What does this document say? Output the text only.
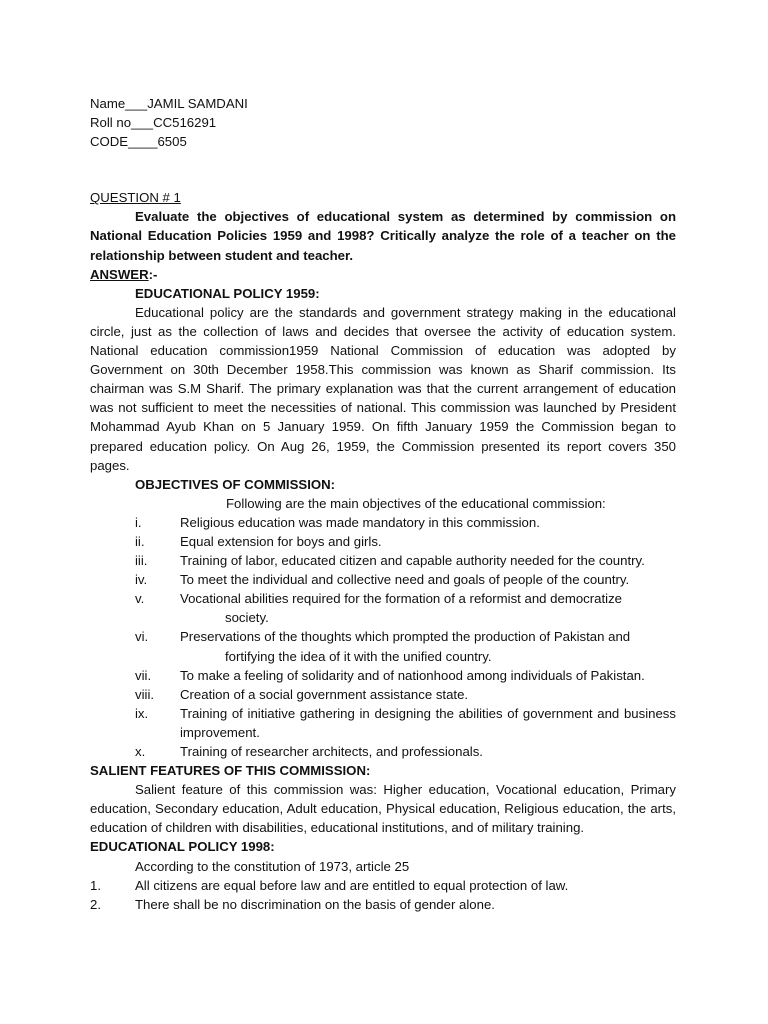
Name___JAMIL SAMDANI

Roll no___CC516291

CODE____6505

QUESTION # 1

Evaluate the objectives of educational system as determined by commission on National Education Policies 1959 and 1998? Critically analyze the role of a teacher on the relationship between student and teacher.

ANSWER:-

EDUCATIONAL POLICY 1959:

Educational policy are the standards and government strategy making in the educational circle, just as the collection of laws and decides that oversee the activity of education system. National education commission1959 National Commission of education was adopted by Government on 30th December 1958.This commission was known as Sharif commission. Its chairman was S.M Sharif. The primary explanation was that the current arrangement of education was not sufficient to meet the necessities of national. This commission was launched by President Mohammad Ayub Khan on 5 January 1959. On fifth January 1959 the Commission began to prepared education policy. On Aug 26, 1959, the Commission presented its report covers 350 pages.

OBJECTIVES OF COMMISSION:

Following are the main objectives of the educational commission:

i.	Religious education was made mandatory in this commission.
ii.	Equal extension for boys and girls.
iii. Training of labor, educated citizen and capable authority needed for the country.
iv. To meet the individual and collective need and goals of people of the country.
v.	Vocational abilities required for the formation of a reformist and democratize
society.
vi. Preservations of the thoughts which prompted the production of Pakistan and
fortifying the idea of it with the unified country.
vii. To make a feeling of solidarity and of nationhood among individuals of Pakistan.
viii. Creation of a social government assistance state.
ix. Training of initiative gathering in designing the abilities of government and business improvement.
x.	Training of researcher architects, and professionals.

SALIENT FEATURES OF THIS COMMISSION:

Salient feature of this commission was: Higher education, Vocational education, Primary education, Secondary education, Adult education, Physical education, Religious education, the arts, education of children with disabilities, educational institutions, and of military training.

EDUCATIONAL POLICY 1998:

According to the constitution of 1973, article 25

1.	All citizens are equal before law and are entitled to equal protection of law.
2.	There shall be no discrimination on the basis of gender alone.
